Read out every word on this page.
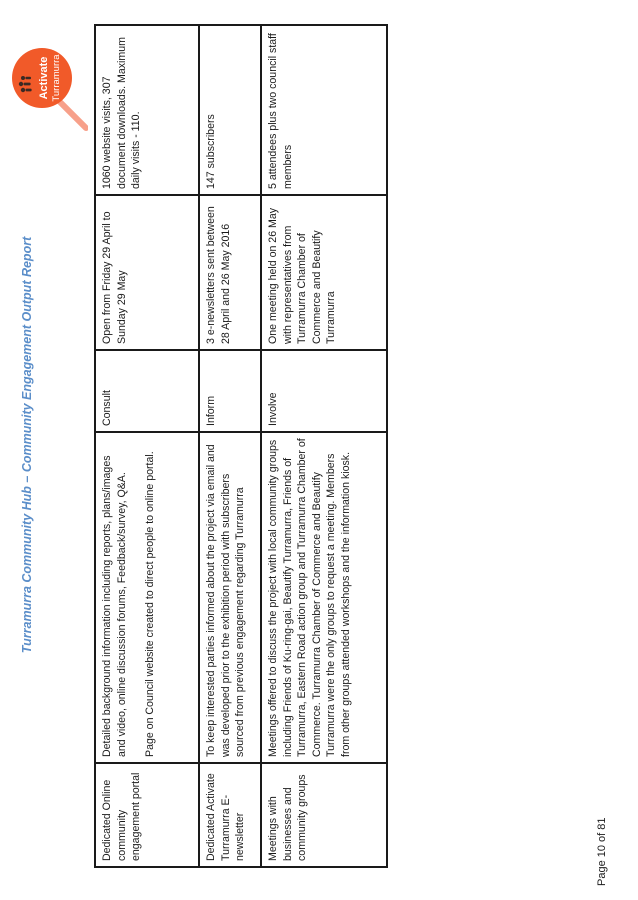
Turramurra Community Hub – Community Engagement Output Report
Activate Turramurra
Dedicated Online community engagement portal	Detailed background information including reports, plans/images and video, online discussion forums, Feedback/survey, Q&A. Page on Council website created to direct people to online portal.	Consult	Open from Friday 29 April to Sunday 29 May	1060 website visits, 307 document downloads. Maximum daily visits - 110.
Dedicated Activate Turramurra E-newsletter	To keep interested parties informed about the project via email and was developed prior to the exhibition period with subscribers sourced from previous engagement regarding Turramurra	Inform	3 e-newsletters sent between 28 April and 26 May 2016	147 subscribers
Meetings with businesses and community groups	Meetings offered to discuss the project with local community groups including Friends of Ku-ring-gai, Beautify Turramurra, Friends of Turramurra, Eastern Road action group and Turramurra Chamber of Commerce. Turramurra Chamber of Commerce and Beautify Turramurra were the only groups to request a meeting. Members from other groups attended workshops and the information kiosk.	Involve	One meeting held on 26 May with representatives from Turramurra Chamber of Commerce and Beautify Turramurra	5 attendees plus two council staff members
Page 10 of 81
